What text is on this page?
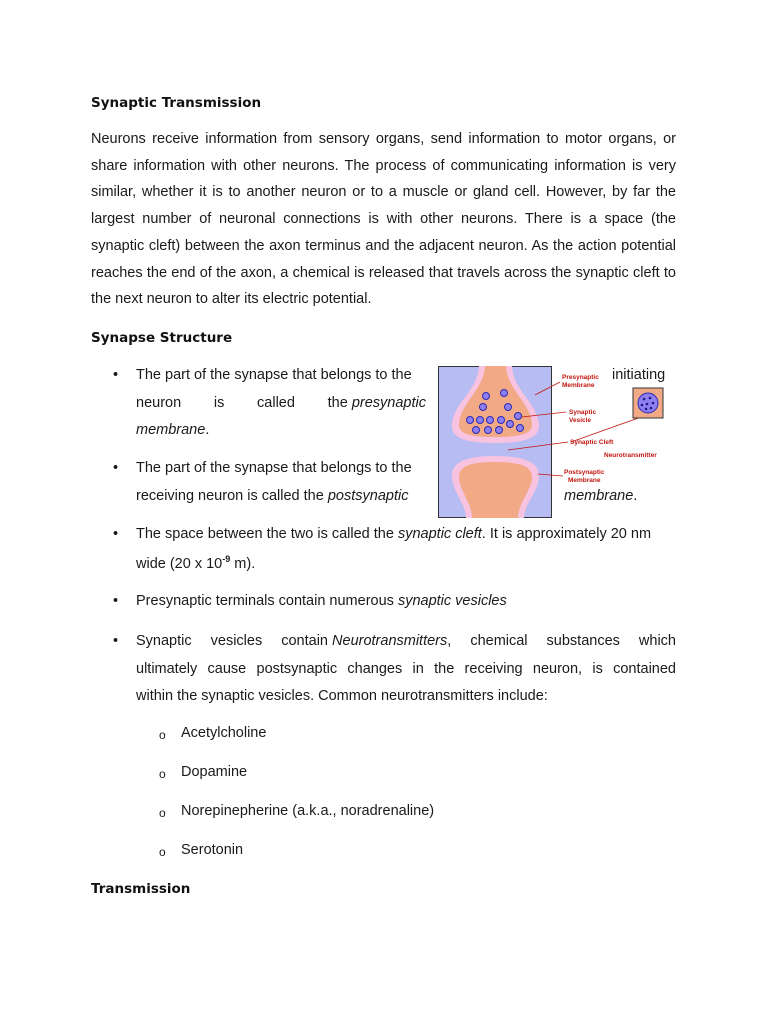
Synaptic Transmission

Neurons receive information from sensory organs, send information to motor organs, or share information with other neurons. The process of communicating information is very similar, whether it is to another neuron or to a muscle or gland cell. However, by far the largest number of neuronal connections is with other neurons. There is a space (the synaptic cleft) between the axon terminus and the adjacent neuron. As the action potential reaches the end of the axon, a chemical is released that travels across the synaptic cleft to the next neuron to alter its electric potential.

Synapse Structure
•	The part of the synapse that belongs to the	initiating

neuron is called the presynaptic

membrane.

•	The part of the synapse that belongs to the

receiving neuron is called the postsynaptic	membrane.

•	The space between the two is called the synaptic cleft. It is approximately 20 nm

wide (20 x $10^{-9}$ m).

•	Presynaptic terminals contain numerous synaptic vesicles

•	Synaptic vesicles contain Neurotransmitters, chemical substances which

ultimately cause postsynaptic changes in the receiving neuron, is contained

within the synaptic vesicles. Common neurotransmitters include:

o Acetylcholine

o Dopamine

o Norepinepherine (a.k.a., noradrenaline)

o Serotonin

Transmission
Presynaptic
Membrane
Synaptic
Vesicle
Synaptic Cleft
Neurotransmitter
Postsynaptic
Membrane
